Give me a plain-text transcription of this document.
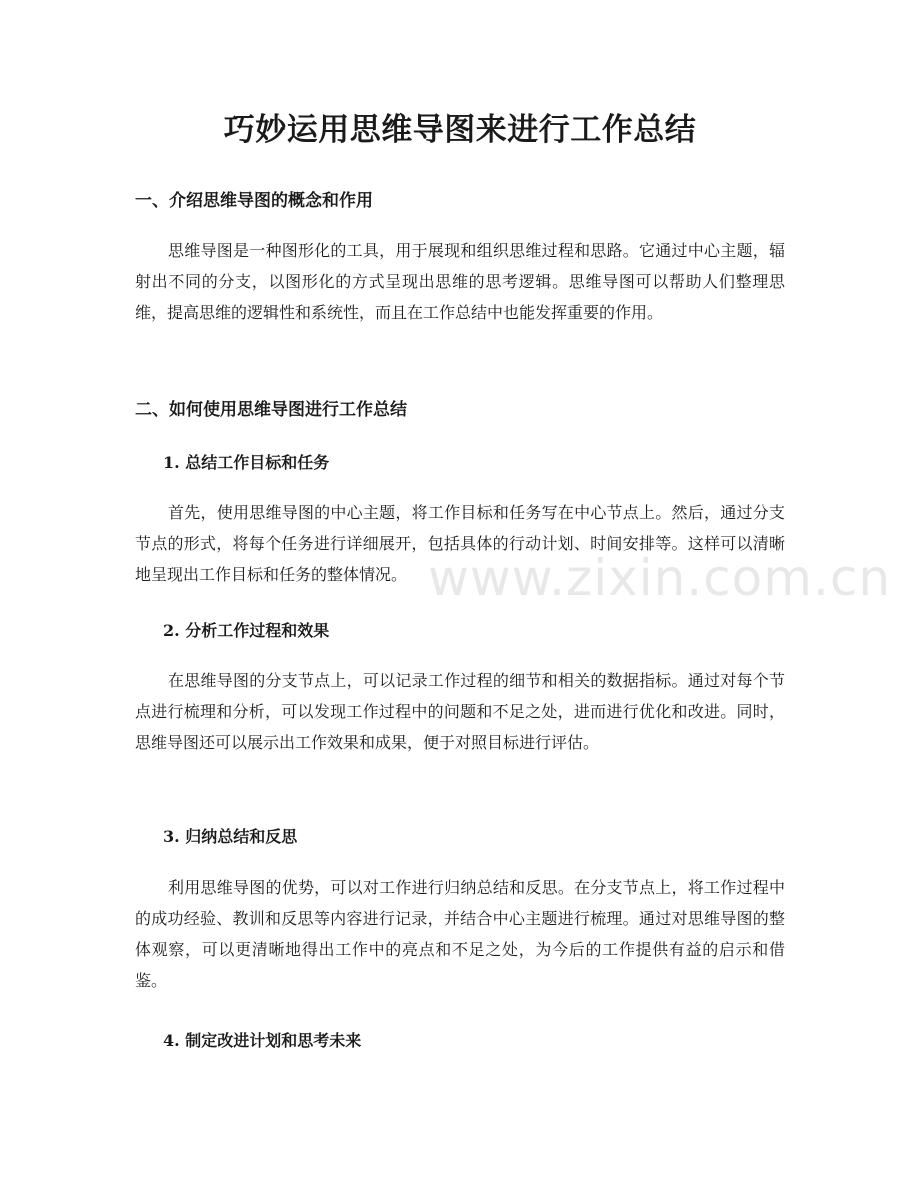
巧妙运用思维导图来进行工作总结
一、介绍思维导图的概念和作用

思维导图是一种图形化的工具，用于展现和组织思维过程和思路。它通过中心主题，辐射出不同的分支，以图形化的方式呈现出思维的思考逻辑。思维导图可以帮助人们整理思维，提高思维的逻辑性和系统性，而且在工作总结中也能发挥重要的作用。

二、如何使用思维导图进行工作总结
1. 总结工作目标和任务

首先，使用思维导图的中心主题，将工作目标和任务写在中心节点上。然后，通过分支节点的形式，将每个任务进行详细展开，包括具体的行动计划、时间安排等。这样可以清晰地呈现出工作目标和任务的整体情况。

2. 分析工作过程和效果

在思维导图的分支节点上，可以记录工作过程的细节和相关的数据指标。通过对每个节点进行梳理和分析，可以发现工作过程中的问题和不足之处，进而进行优化和改进。同时，思维导图还可以展示出工作效果和成果，便于对照目标进行评估。

3. 归纳总结和反思

利用思维导图的优势，可以对工作进行归纳总结和反思。在分支节点上，将工作过程中的成功经验、教训和反思等内容进行记录，并结合中心主题进行梳理。通过对思维导图的整体观察，可以更清晰地得出工作中的亮点和不足之处，为今后的工作提供有益的启示和借鉴。

4. 制定改进计划和思考未来
www.zixin.com.cn
